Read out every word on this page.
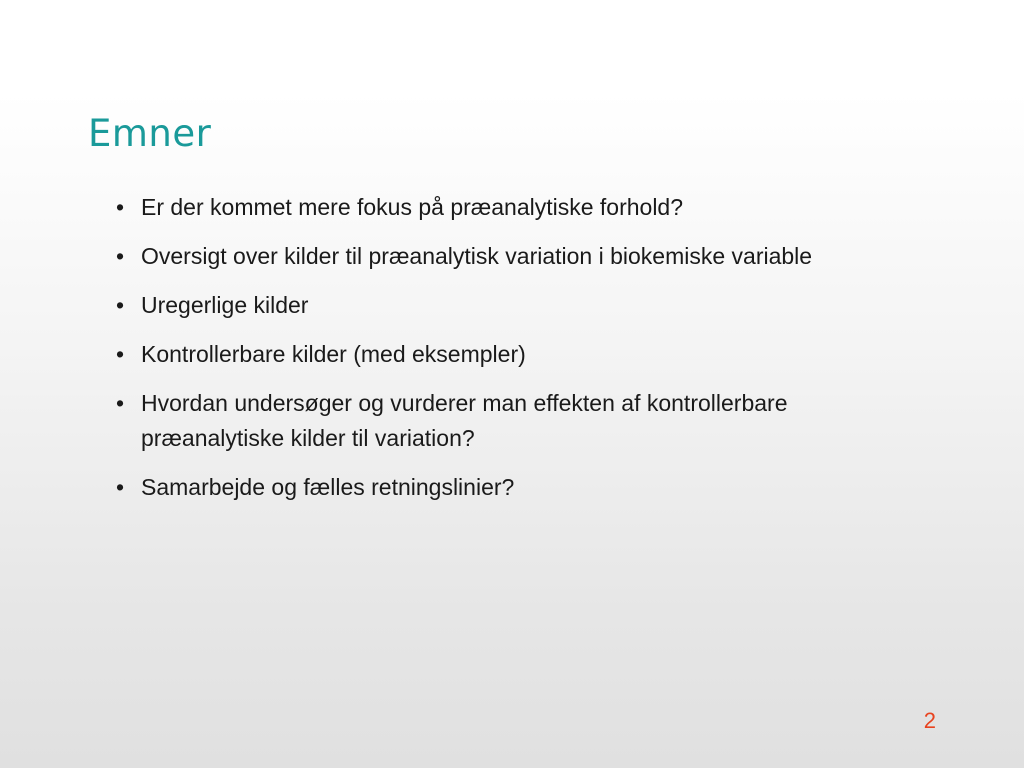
Emner
• Er der kommet mere fokus på præanalytiske forhold?
• Oversigt over kilder til præanalytisk variation i biokemiske variable
• Uregerlige kilder
• Kontrollerbare kilder (med eksempler)
• Hvordan undersøger og vurderer man effekten af kontrollerbare præanalytiske kilder til variation?
• Samarbejde og fælles retningslinier?
2
